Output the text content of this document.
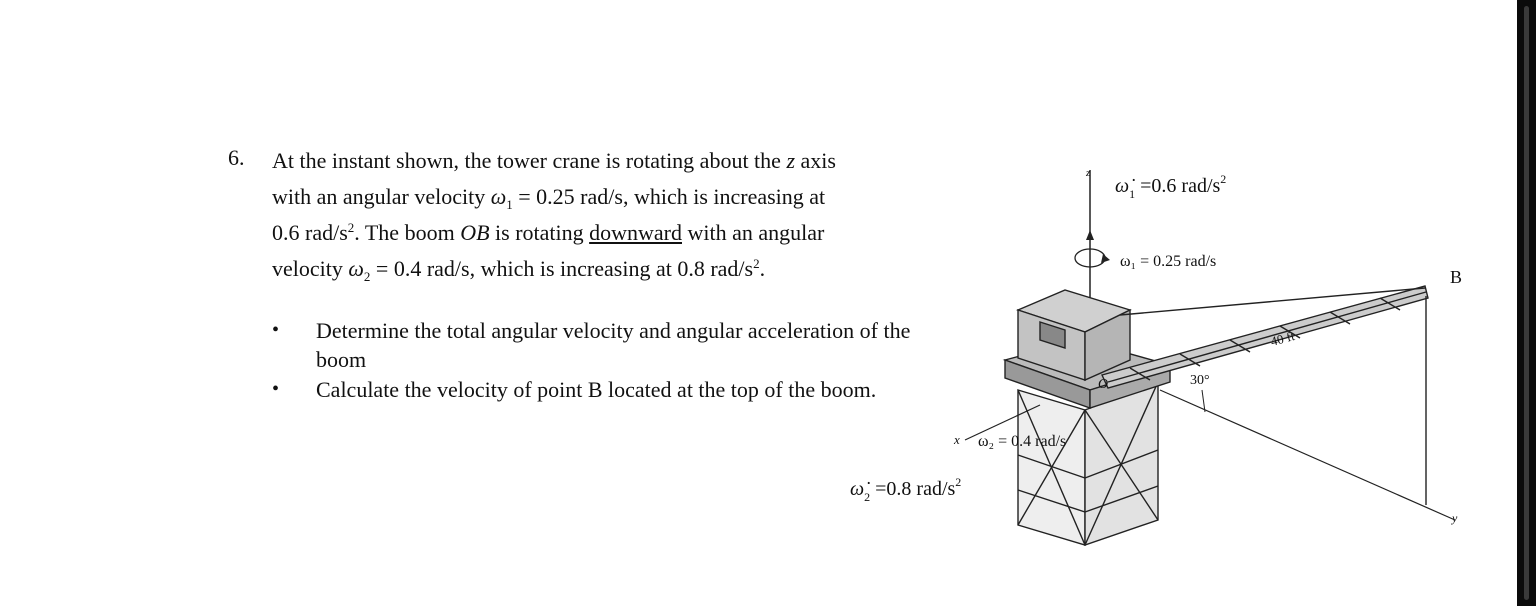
6. At the instant shown, the tower crane is rotating about the z axis
with an angular velocity $\omega_1 = 0.25$ rad/s, which is increasing at
0.6 rad/$s^2$. The boom OB is rotating downward with an angular
velocity $\omega_2 = 0.4$ rad/s, which is increasing at 0.8 rad/$s^2$.
• Determine the total angular velocity and angular acceleration of the boom
• Calculate the velocity of point B located at the top of the boom.
z
$\omegȧ_1 =0.6$ rad/$s^2$
ω₁ = 0.25 rad/s
B
40 ft
30°
O
y
x ω₂ = 0.4 rad/s
$\omegȧ_2 =0.8$ rad/$s^2$
